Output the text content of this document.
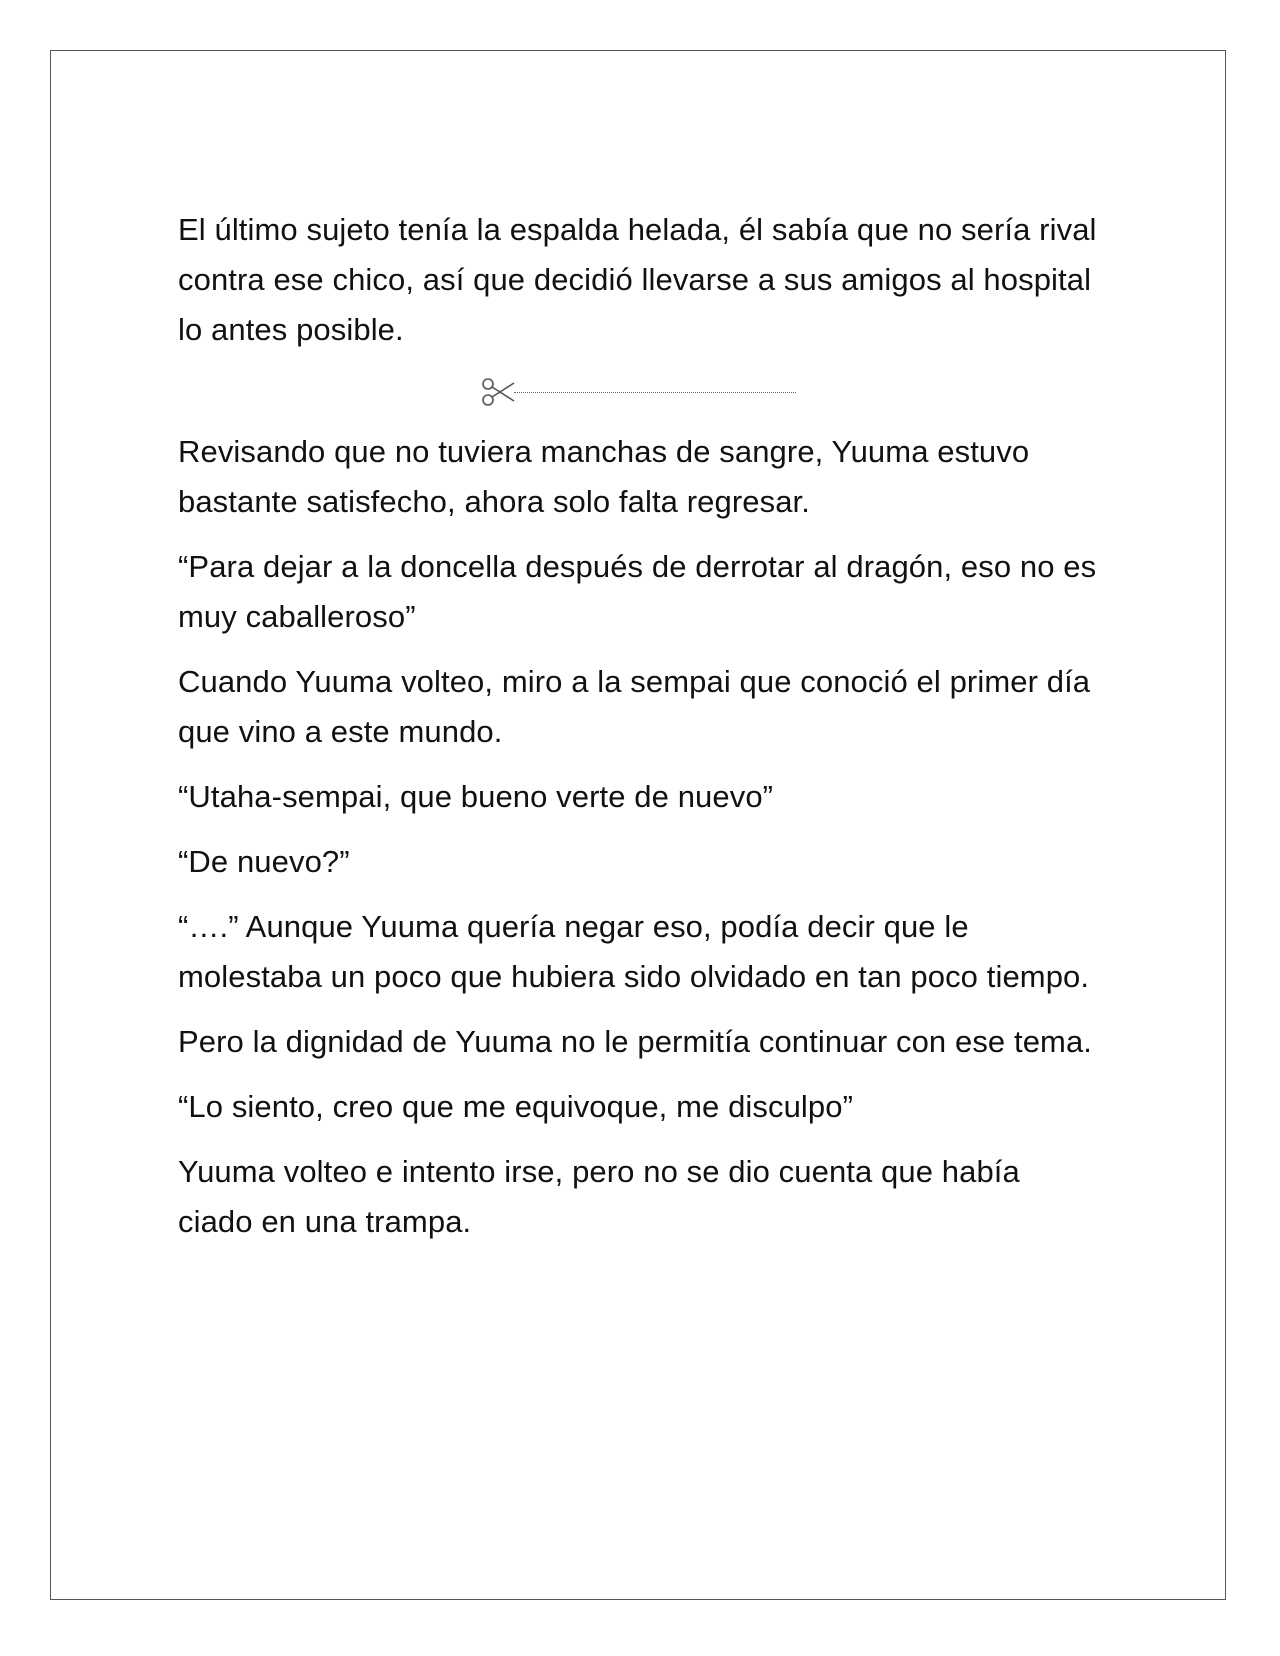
El último sujeto tenía la espalda helada, él sabía que no sería rival contra ese chico, así que decidió llevarse a sus amigos al hospital lo antes posible.

Revisando que no tuviera manchas de sangre, Yuuma estuvo bastante satisfecho, ahora solo falta regresar.

“Para dejar a la doncella después de derrotar al dragón, eso no es muy caballeroso”

Cuando Yuuma volteo, miro a la sempai que conoció el primer día que vino a este mundo.

“Utaha-sempai, que bueno verte de nuevo”

“De nuevo?”

“….” Aunque Yuuma quería negar eso, podía decir que le molestaba un poco que hubiera sido olvidado en tan poco tiempo.

Pero la dignidad de Yuuma no le permitía continuar con ese tema.

“Lo siento, creo que me equivoque, me disculpo”

Yuuma volteo e intento irse, pero no se dio cuenta que había ciado en una trampa.
